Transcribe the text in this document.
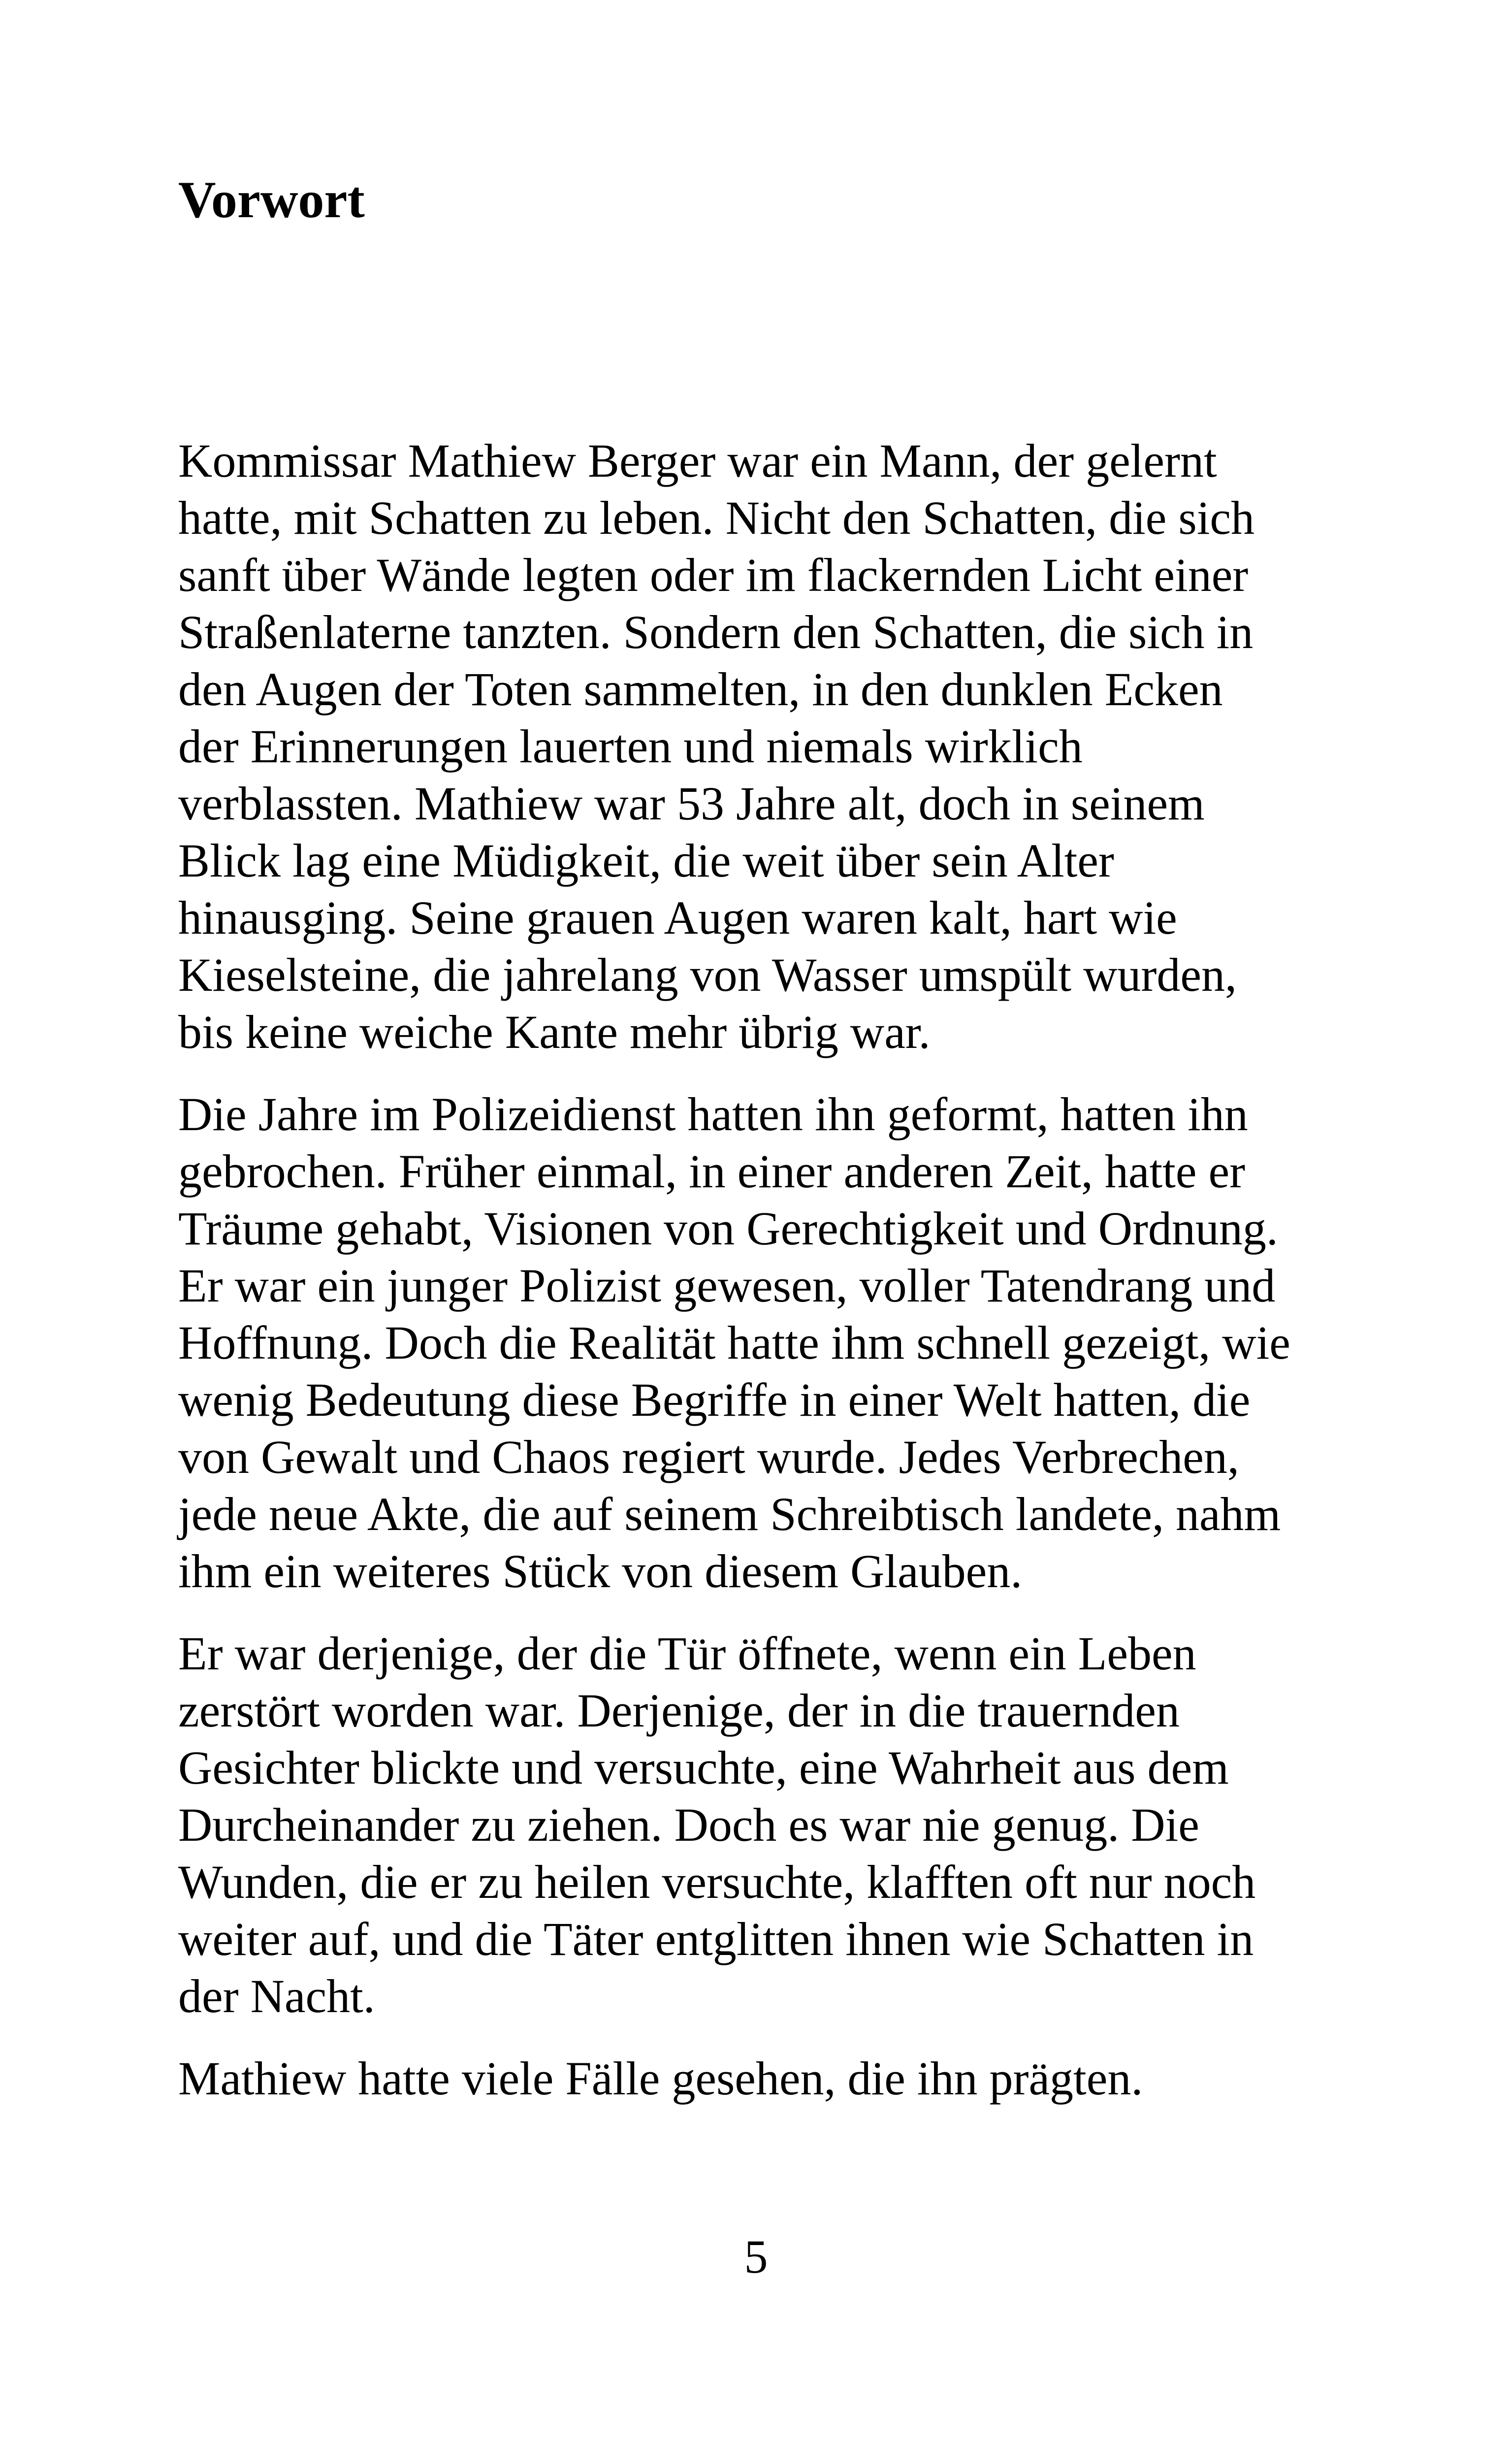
Vorwort

Kommissar Mathiew Berger war ein Mann, der gelernt
hatte, mit Schatten zu leben. Nicht den Schatten, die sich
sanft über Wände legten oder im flackernden Licht einer
Straßenlaterne tanzten. Sondern den Schatten, die sich in
den Augen der Toten sammelten, in den dunklen Ecken
der Erinnerungen lauerten und niemals wirklich
verblassten. Mathiew war 53 Jahre alt, doch in seinem
Blick lag eine Müdigkeit, die weit über sein Alter
hinausging. Seine grauen Augen waren kalt, hart wie
Kieselsteine, die jahrelang von Wasser umspült wurden,
bis keine weiche Kante mehr übrig war.

Die Jahre im Polizeidienst hatten ihn geformt, hatten ihn
gebrochen. Früher einmal, in einer anderen Zeit, hatte er
Träume gehabt, Visionen von Gerechtigkeit und Ordnung.
Er war ein junger Polizist gewesen, voller Tatendrang und
Hoffnung. Doch die Realität hatte ihm schnell gezeigt, wie
wenig Bedeutung diese Begriffe in einer Welt hatten, die
von Gewalt und Chaos regiert wurde. Jedes Verbrechen,
jede neue Akte, die auf seinem Schreibtisch landete, nahm
ihm ein weiteres Stück von diesem Glauben.

Er war derjenige, der die Tür öffnete, wenn ein Leben
zerstört worden war. Derjenige, der in die trauernden
Gesichter blickte und versuchte, eine Wahrheit aus dem
Durcheinander zu ziehen. Doch es war nie genug. Die
Wunden, die er zu heilen versuchte, klafften oft nur noch
weiter auf, und die Täter entglitten ihnen wie Schatten in
der Nacht.

Mathiew hatte viele Fälle gesehen, die ihn prägten.

5
